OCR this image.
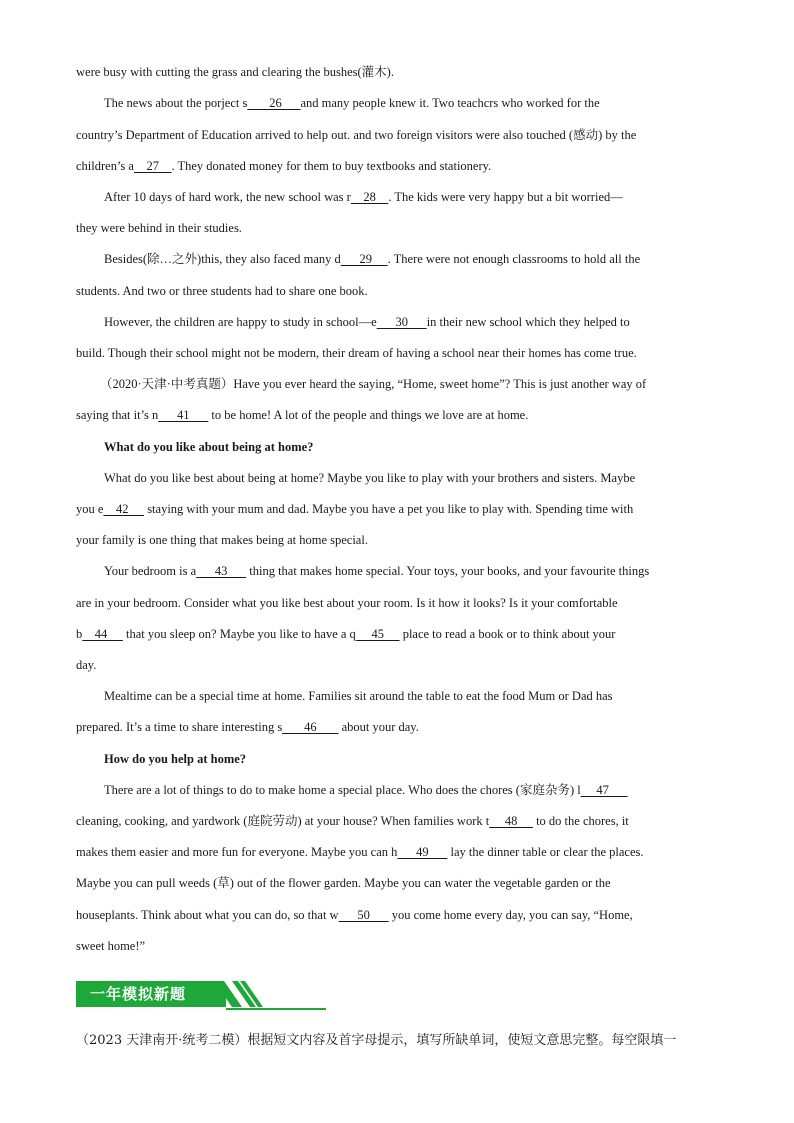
were busy with cutting the grass and clearing the bushes(灌木).
The news about the porject s       26      and many people knew it. Two teachcrs who worked for the
country’s Department of Education arrived to help out. and two foreign visitors were also touched (感动) by the
children’s a    27    . They donated money for them to buy textbooks and stationery.
After 10 days of hard work, the new school was r    28    . The kids were very happy but a bit worried—
they were behind in their studies.
Besides(除…之外)this, they also faced many d      29     . There were not enough classrooms to hold all the
students. And two or three students had to share one book.
However, the children are happy to study in school—e      30      in their new school which they helped to
build. Though their school might not be modern, their dream of having a school near their homes has come true.
（2020·天津·中考真题）Have you ever heard the saying, “Home, sweet home”? This is just another way of
saying that it’s n      41       to be home! A lot of the people and things we love are at home.
What do you like about being at home?
What do you like best about being at home? Maybe you like to play with your brothers and sisters. Maybe
you e    42      staying with your mum and dad. Maybe you have a pet you like to play with. Spending time with
your family is one thing that makes being at home special.
Your bedroom is a      43       thing that makes home special. Your toys, your books, and your favourite things
are in your bedroom. Consider what you like best about your room. Is it how it looks? Is it your comfortable
b    44      that you sleep on? Maybe you like to have a q     45      place to read a book or to think about your
day.
Mealtime can be a special time at home. Families sit around the table to eat the food Mum or Dad has
prepared. It’s a time to share interesting s       46        about your day.
How do you help at home?
There are a lot of things to do to make home a special place. Who does the chores (家庭杂务) l     47
cleaning, cooking, and yardwork (庭院劳动) at your house? When families work t     48      to do the chores, it
makes them easier and more fun for everyone. Maybe you can h      49       lay the dinner table or clear the places.
Maybe you can pull weeds (草) out of the flower garden. Maybe you can water the vegetable garden or the
houseplants. Think about what you can do, so that w      50       you come home every day, you can say, “Home,
sweet home!”
一年模拟新题
（2023 天津南开·统考二模）根据短文内容及首字母提示，填写所缺单词，使短文意思完整。每空限填一
